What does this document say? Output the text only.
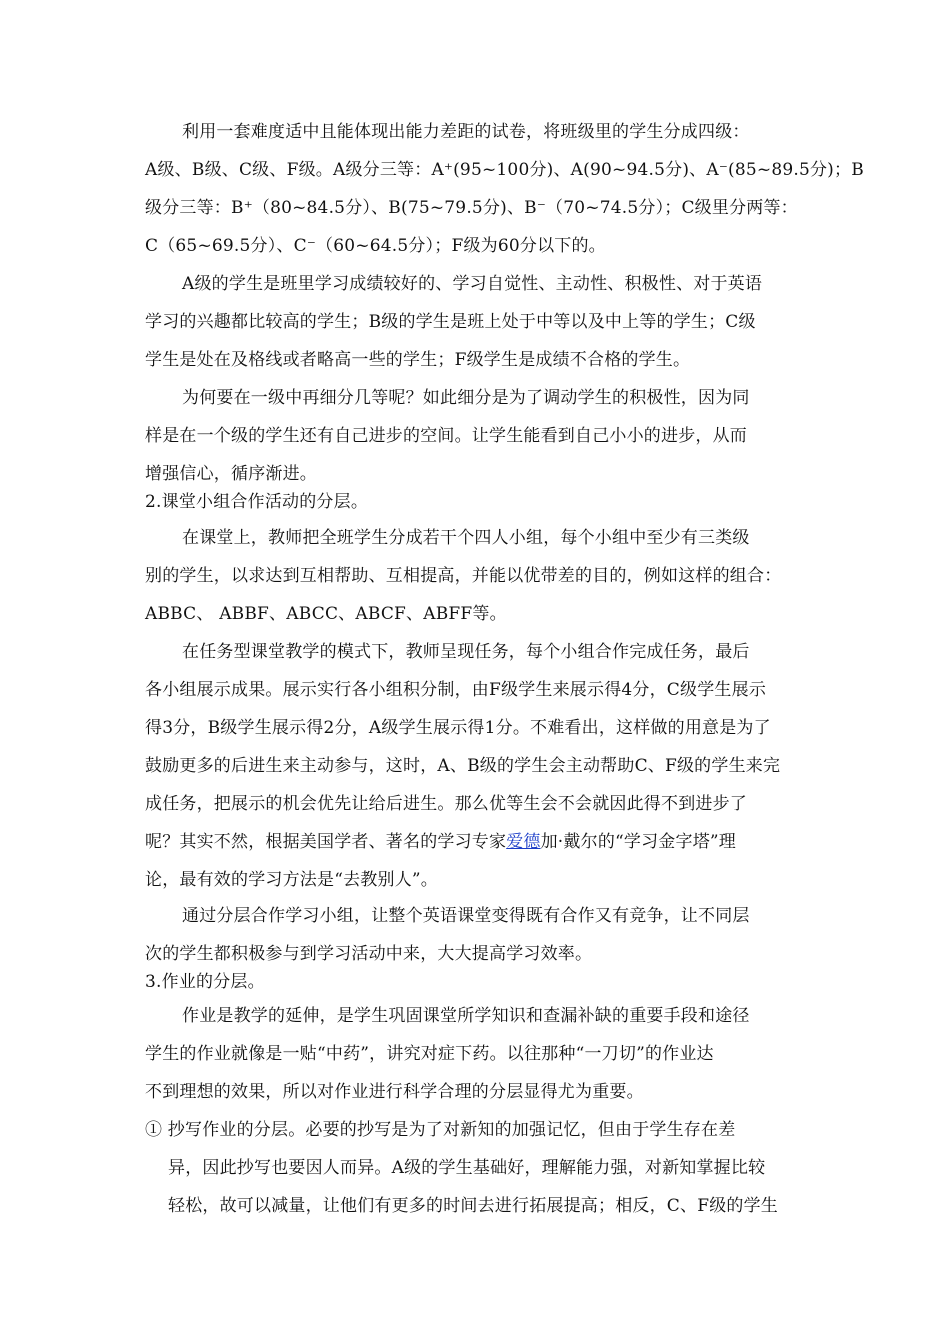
利用一套难度适中且能体现出能力差距的试卷，将班级里的学生分成四级：
A级、B级、C级、F级。A级分三等：A⁺(95~100分)、A(90~94.5分)、A⁻(85~89.5分)；B
级分三等：B⁺（80~84.5分）、B(75~79.5分)、B⁻（70~74.5分）；C级里分两等：
C（65~69.5分）、C⁻（60~64.5分）；F级为60分以下的。
A级的学生是班里学习成绩较好的、学习自觉性、主动性、积极性、对于英语
学习的兴趣都比较高的学生；B级的学生是班上处于中等以及中上等的学生；C级
学生是处在及格线或者略高一些的学生；F级学生是成绩不合格的学生。
为何要在一级中再细分几等呢？如此细分是为了调动学生的积极性，因为同
样是在一个级的学生还有自己进步的空间。让学生能看到自己小小的进步，从而
增强信心，循序渐进。
2.课堂小组合作活动的分层。
在课堂上，教师把全班学生分成若干个四人小组，每个小组中至少有三类级
别的学生，以求达到互相帮助、互相提高，并能以优带差的目的，例如这样的组合：
ABBC、 ABBF、ABCC、ABCF、ABFF等。
在任务型课堂教学的模式下，教师呈现任务，每个小组合作完成任务，最后
各小组展示成果。展示实行各小组积分制，由F级学生来展示得4分，C级学生展示
得3分，B级学生展示得2分，A级学生展示得1分。不难看出，这样做的用意是为了
鼓励更多的后进生来主动参与，这时，A、B级的学生会主动帮助C、F级的学生来完
成任务，把展示的机会优先让给后进生。那么优等生会不会就因此得不到进步了
呢？其实不然，根据美国学者、著名的学习专家爱德加·戴尔的“学习金字塔”理
论，最有效的学习方法是“去教别人”。
通过分层合作学习小组，让整个英语课堂变得既有合作又有竞争，让不同层
次的学生都积极参与到学习活动中来，大大提高学习效率。
3.作业的分层。
作业是教学的延伸，是学生巩固课堂所学知识和查漏补缺的重要手段和途径
学生的作业就像是一贴“中药”，讲究对症下药。以往那种“一刀切”的作业达
不到理想的效果，所以对作业进行科学合理的分层显得尤为重要。
① 抄写作业的分层。必要的抄写是为了对新知的加强记忆，但由于学生存在差
异，因此抄写也要因人而异。A级的学生基础好，理解能力强，对新知掌握比较
轻松，故可以减量，让他们有更多的时间去进行拓展提高；相反，C、F级的学生
